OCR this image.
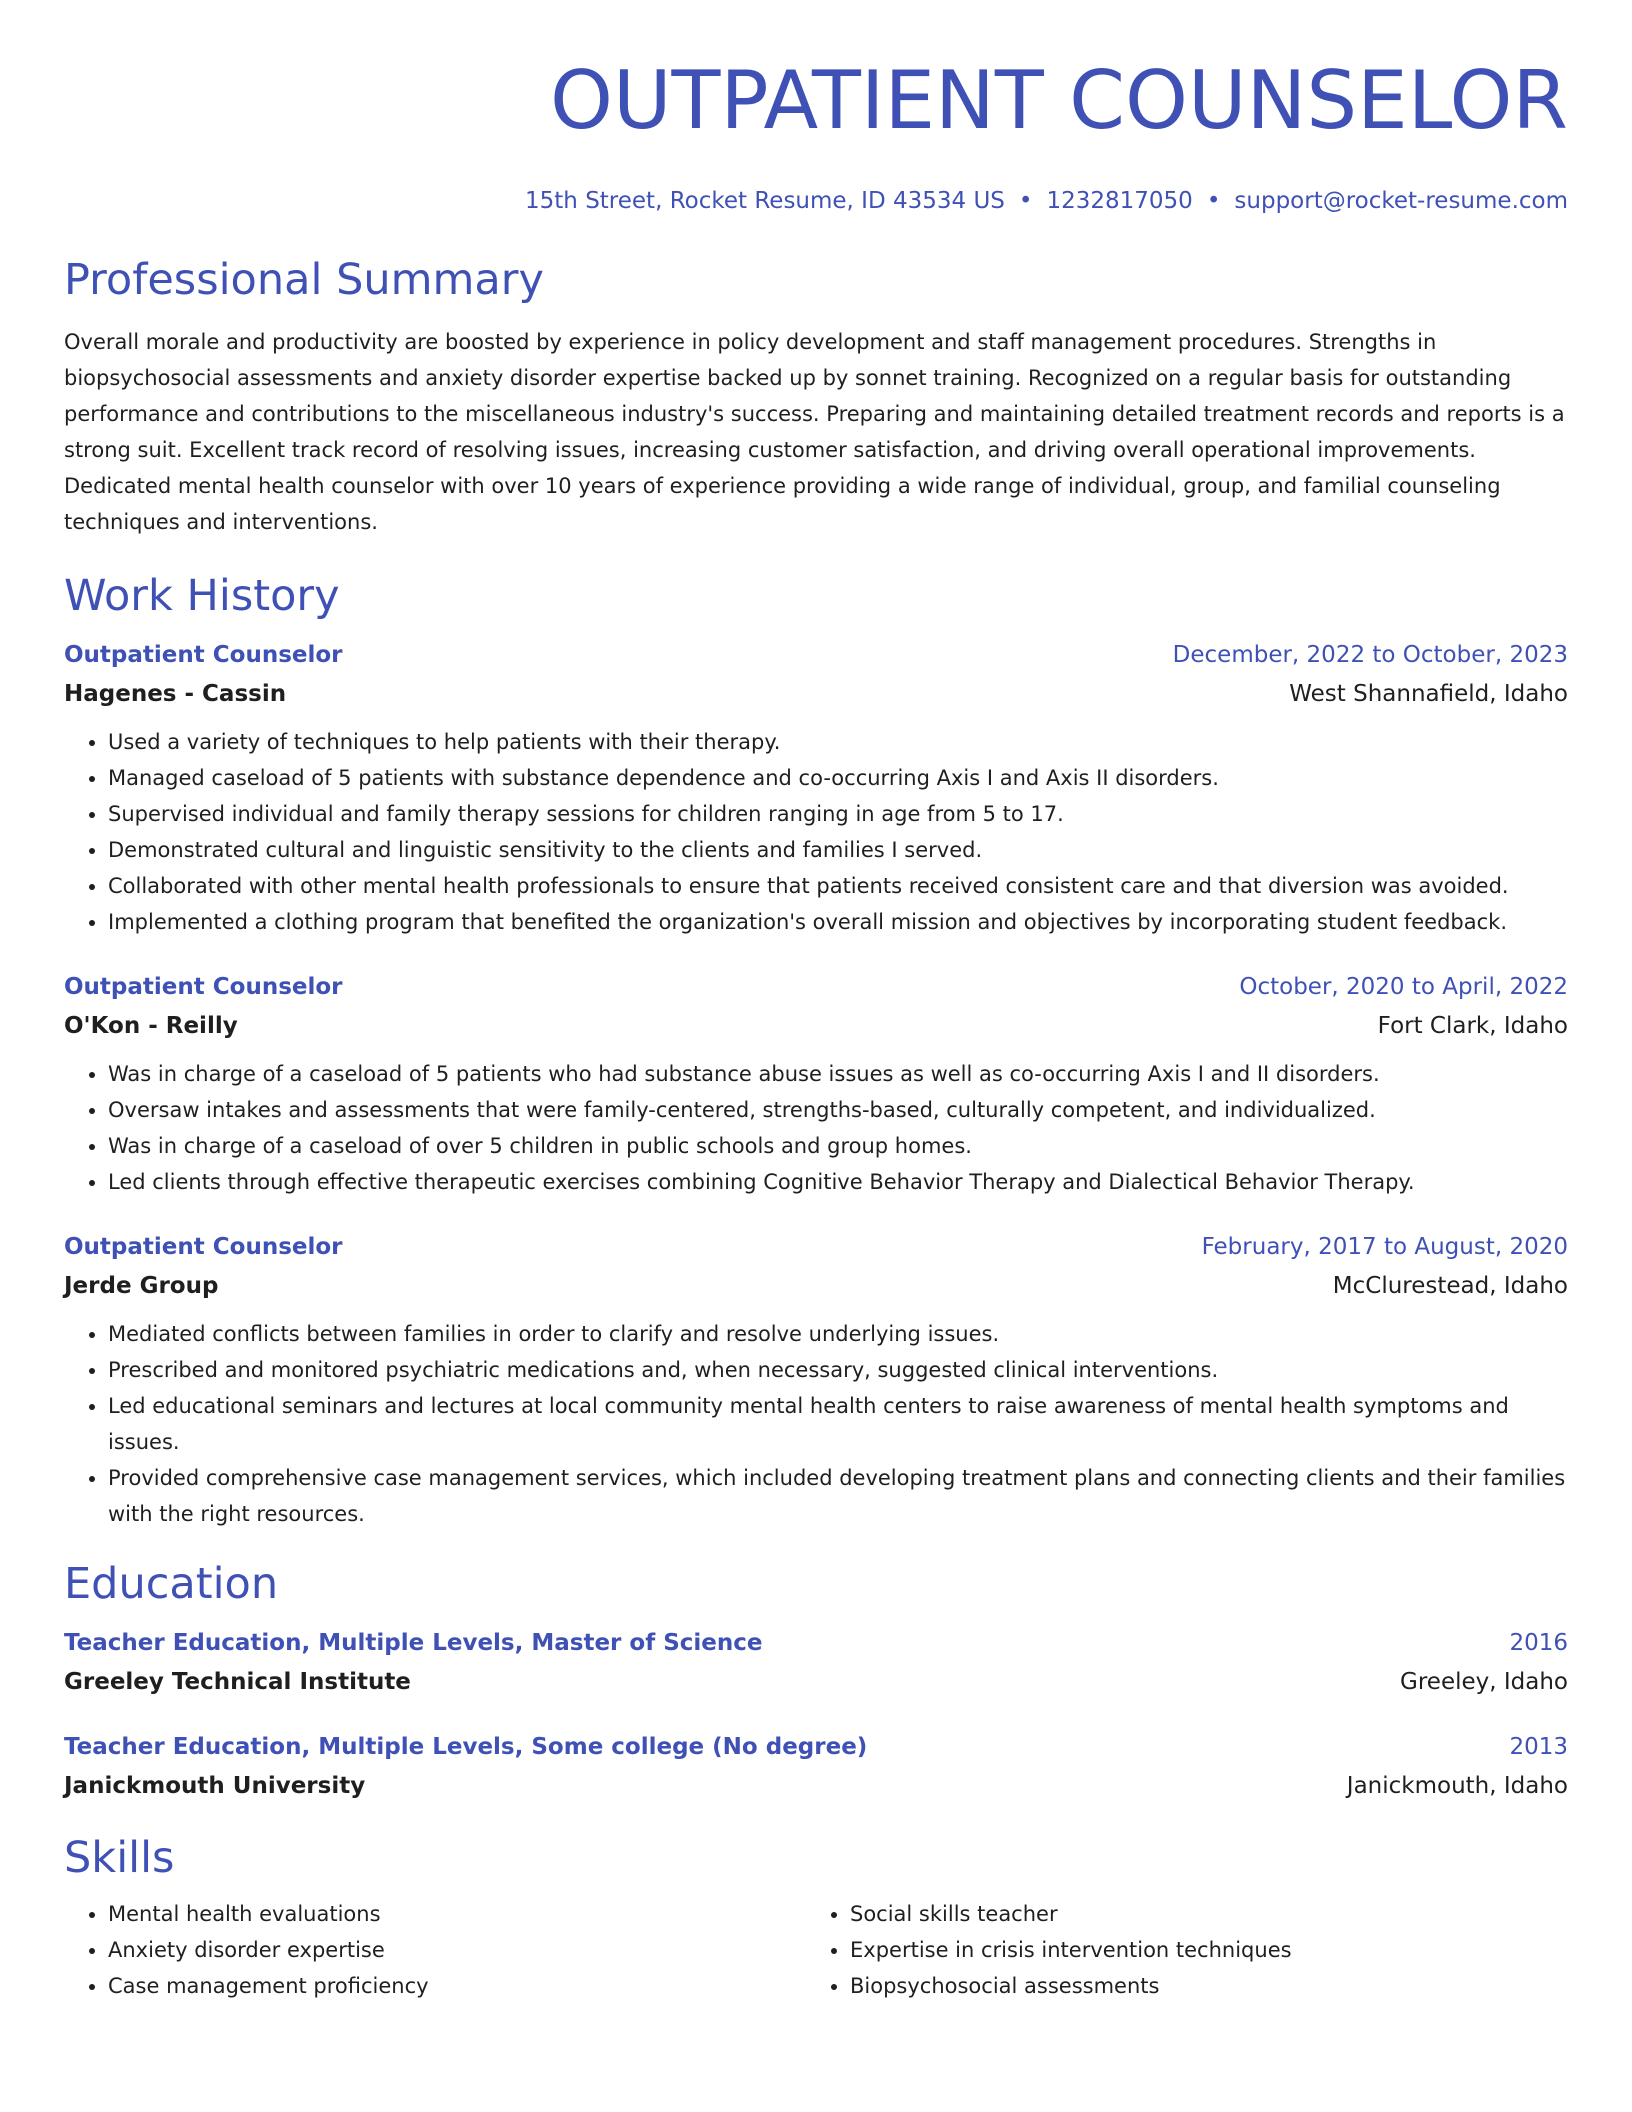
OUTPATIENT COUNSELOR
15th Street, Rocket Resume, ID 43534 US • 1232817050 • support@rocket-resume.com
Professional Summary
Overall morale and productivity are boosted by experience in policy development and staff management procedures. Strengths in biopsychosocial assessments and anxiety disorder expertise backed up by sonnet training. Recognized on a regular basis for outstanding performance and contributions to the miscellaneous industry's success. Preparing and maintaining detailed treatment records and reports is a strong suit. Excellent track record of resolving issues, increasing customer satisfaction, and driving overall operational improvements. Dedicated mental health counselor with over 10 years of experience providing a wide range of individual, group, and familial counseling techniques and interventions.
Work History
Outpatient Counselor	December, 2022 to October, 2023
Hagenes - Cassin	West Shannafield, Idaho
• Used a variety of techniques to help patients with their therapy.
• Managed caseload of 5 patients with substance dependence and co-occurring Axis I and Axis II disorders.
• Supervised individual and family therapy sessions for children ranging in age from 5 to 17.
• Demonstrated cultural and linguistic sensitivity to the clients and families I served.
• Collaborated with other mental health professionals to ensure that patients received consistent care and that diversion was avoided.
• Implemented a clothing program that benefited the organization's overall mission and objectives by incorporating student feedback.
Outpatient Counselor	October, 2020 to April, 2022
O'Kon - Reilly	Fort Clark, Idaho
• Was in charge of a caseload of 5 patients who had substance abuse issues as well as co-occurring Axis I and II disorders.
• Oversaw intakes and assessments that were family-centered, strengths-based, culturally competent, and individualized.
• Was in charge of a caseload of over 5 children in public schools and group homes.
• Led clients through effective therapeutic exercises combining Cognitive Behavior Therapy and Dialectical Behavior Therapy.
Outpatient Counselor	February, 2017 to August, 2020
Jerde Group	McClurestead, Idaho
• Mediated conflicts between families in order to clarify and resolve underlying issues.
• Prescribed and monitored psychiatric medications and, when necessary, suggested clinical interventions.
• Led educational seminars and lectures at local community mental health centers to raise awareness of mental health symptoms and issues.
• Provided comprehensive case management services, which included developing treatment plans and connecting clients and their families with the right resources.
Education
Teacher Education, Multiple Levels, Master of Science	2016
Greeley Technical Institute	Greeley, Idaho
Teacher Education, Multiple Levels, Some college (No degree)	2013
Janickmouth University	Janickmouth, Idaho
Skills
• Mental health evaluations
• Anxiety disorder expertise
• Case management proficiency
• Social skills teacher
• Expertise in crisis intervention techniques
• Biopsychosocial assessments
